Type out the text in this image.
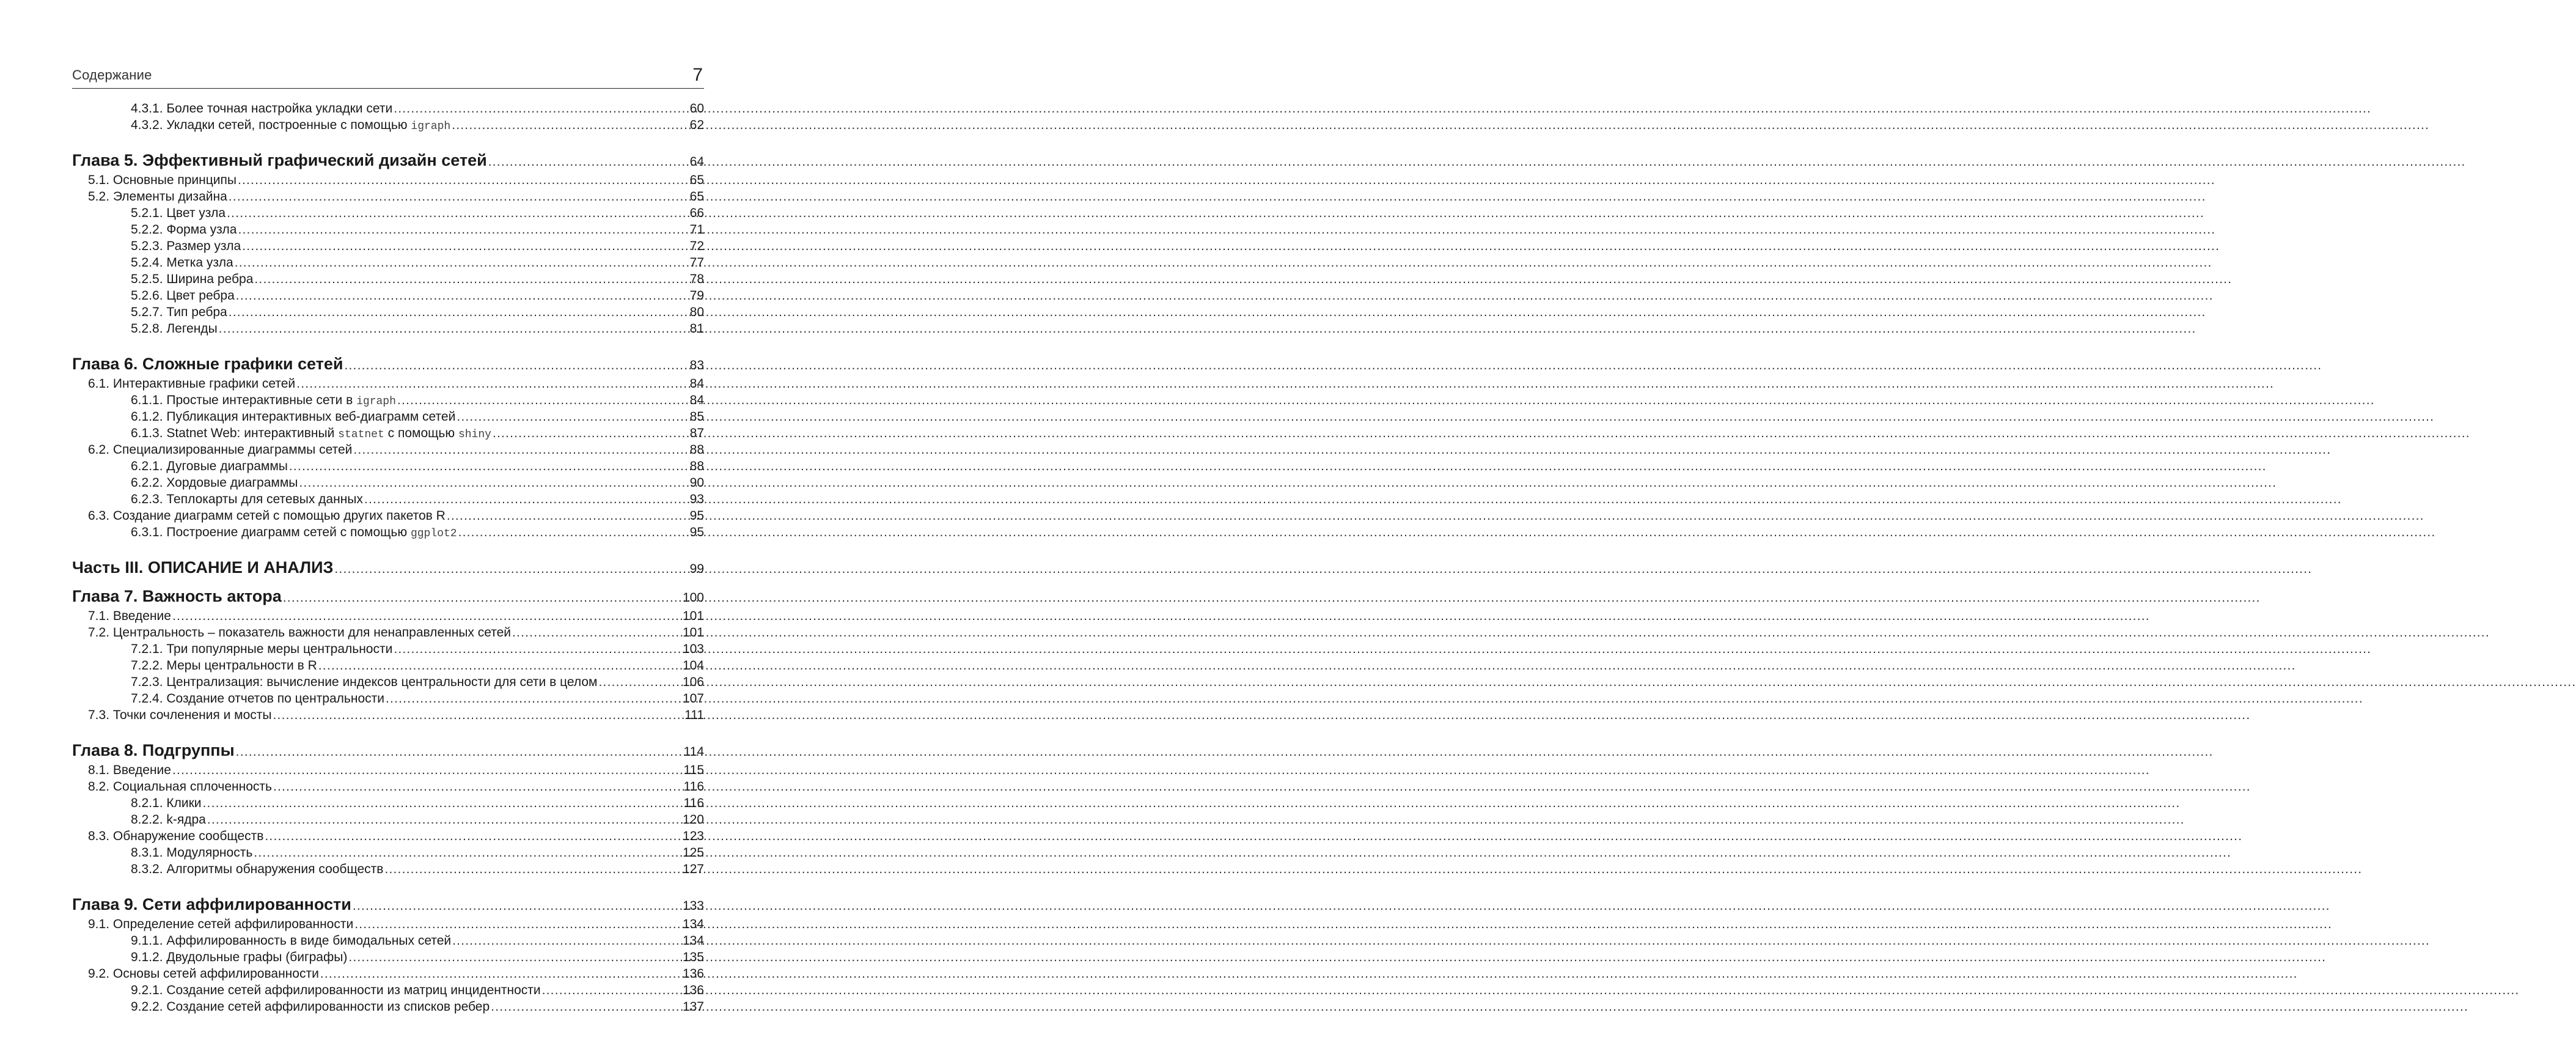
Содержание	7
4.3.1. Более точная настройка укладки сети .....	60
4.3.2. Укладки сетей, построенные с помощью igraph .....	62
Глава 5. Эффективный графический дизайн сетей .....	64
5.1. Основные принципы .....	65
5.2. Элементы дизайна .....	65
5.2.1. Цвет узла .....	66
5.2.2. Форма узла .....	71
5.2.3. Размер узла .....	72
5.2.4. Метка узла .....	77
5.2.5. Ширина ребра .....	78
5.2.6. Цвет ребра .....	79
5.2.7. Тип ребра .....	80
5.2.8. Легенды .....	81
Глава 6. Сложные графики сетей .....	83
6.1. Интерактивные графики сетей .....	84
6.1.1. Простые интерактивные сети в igraph .....	84
6.1.2. Публикация интерактивных веб-диаграмм сетей .....	85
6.1.3. Statnet Web: интерактивный statnet с помощью shiny .....	87
6.2. Специализированные диаграммы сетей .....	88
6.2.1. Дуговые диаграммы .....	88
6.2.2. Хордовые диаграммы .....	90
6.2.3. Теплокарты для сетевых данных .....	93
6.3. Создание диаграмм сетей с помощью других пакетов R .....	95
6.3.1. Построение диаграмм сетей с помощью ggplot2 .....	95
Часть III. ОПИСАНИЕ И АНАЛИЗ .....	99
Глава 7. Важность актора .....	100
7.1. Введение .....	101
7.2. Центральность – показатель важности для ненаправленных сетей .....	101
7.2.1. Три популярные меры центральности .....	103
7.2.2. Меры центральности в R .....	104
7.2.3. Централизация: вычисление индексов центральности для сети в целом .....	106
7.2.4. Создание отчетов по центральности .....	107
7.3. Точки сочленения и мосты .....	111
Глава 8. Подгруппы .....	114
8.1. Введение .....	115
8.2. Социальная сплоченность .....	116
8.2.1. Клики .....	116
8.2.2. k-ядра .....	120
8.3. Обнаружение сообществ .....	123
8.3.1. Модулярность .....	125
8.3.2. Алгоритмы обнаружения сообществ .....	127
Глава 9. Сети аффилированности .....	133
9.1. Определение сетей аффилированности .....	134
9.1.1. Аффилированность в виде бимодальных сетей .....	134
9.1.2. Двудольные графы (биграфы) .....	135
9.2. Основы сетей аффилированности .....	136
9.2.1. Создание сетей аффилированности из матриц инцидентности .....	136
9.2.2. Создание сетей аффилированности из списков ребер .....	137
